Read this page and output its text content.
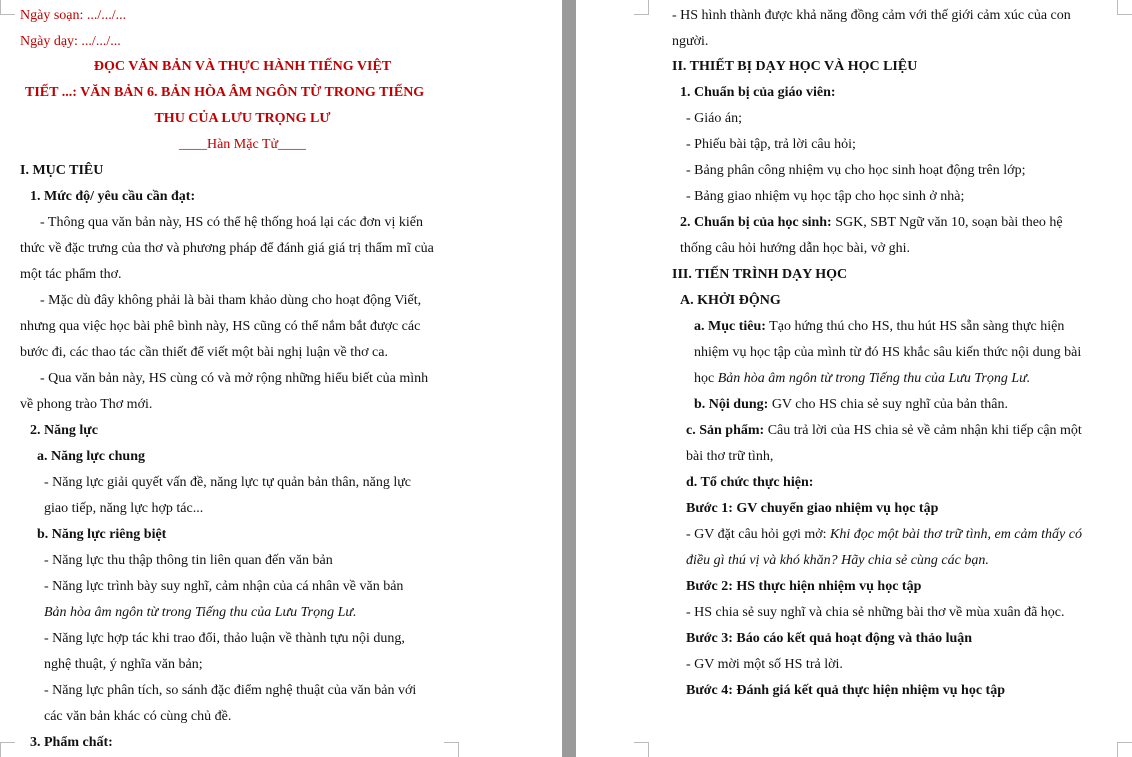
Ngày soạn: .../.../...
Ngày dạy: .../.../...
ĐỌC VĂN BẢN VÀ THỰC HÀNH TIẾNG VIỆT
TIẾT ...: VĂN BẢN 6. BẢN HÒA ÂM NGÔN TỪ TRONG TIẾNG
THU CỦA LƯU TRỌNG LƯ
____Hàn Mặc Tử____
I. MỤC TIÊU
1. Mức độ/ yêu cầu cần đạt:
- Thông qua văn bản này, HS có thể hệ thống hoá lại các đơn vị kiến
thức về đặc trưng của thơ và phương pháp để đánh giá giá trị thẩm mĩ của
một tác phẩm thơ.
- Mặc dù đây không phải là bài tham khảo dùng cho hoạt động Viết,
nhưng qua việc học bài phê bình này, HS cũng có thể nắm bắt được các
bước đi, các thao tác cần thiết để viết một bài nghị luận về thơ ca.
- Qua văn bản này, HS cùng có và mở rộng những hiểu biết của mình
về phong trào Thơ mới.
2. Năng lực
a. Năng lực chung
- Năng lực giải quyết vấn đề, năng lực tự quản bản thân, năng lực
giao tiếp, năng lực hợp tác...
b. Năng lực riêng biệt
- Năng lực thu thập thông tin liên quan đến văn bản
- Năng lực trình bày suy nghĩ, cảm nhận của cá nhân về văn bản
Bản hòa âm ngôn từ trong Tiếng thu của Lưu Trọng Lư.
- Năng lực hợp tác khi trao đổi, thảo luận về thành tựu nội dung,
nghệ thuật, ý nghĩa văn bản;
- Năng lực phân tích, so sánh đặc điểm nghệ thuật của văn bản với
các văn bản khác có cùng chủ đề.
3. Phẩm chất:
- HS hình thành được khả năng đồng cảm với thế giới cảm xúc của con
người.
II. THIẾT BỊ DẠY HỌC VÀ HỌC LIỆU
1. Chuẩn bị của giáo viên:
- Giáo án;
- Phiếu bài tập, trả lời câu hỏi;
- Bảng phân công nhiệm vụ cho học sinh hoạt động trên lớp;
- Bảng giao nhiệm vụ học tập cho học sinh ở nhà;
2. Chuẩn bị của học sinh: SGK, SBT Ngữ văn 10, soạn bài theo hệ
thống câu hỏi hướng dẫn học bài, vở ghi.
III. TIẾN TRÌNH DẠY HỌC
A. KHỞI ĐỘNG
a. Mục tiêu: Tạo hứng thú cho HS, thu hút HS sẵn sàng thực hiện
nhiệm vụ học tập của mình từ đó HS khắc sâu kiến thức nội dung bài
học Bản hòa âm ngôn từ trong Tiếng thu của Lưu Trọng Lư.
b. Nội dung: GV cho HS chia sẻ suy nghĩ của bản thân.
c. Sản phẩm: Câu trả lời của HS chia sẻ về cảm nhận khi tiếp cận một
bài thơ trữ tình,
d. Tổ chức thực hiện:
Bước 1: GV chuyển giao nhiệm vụ học tập
- GV đặt câu hỏi gợi mở: Khi đọc một bài thơ trữ tình, em cảm thấy có
điều gì thú vị và khó khăn? Hãy chia sẻ cùng các bạn.
Bước 2: HS thực hiện nhiệm vụ học tập
- HS chia sẻ suy nghĩ và chia sẻ những bài thơ về mùa xuân đã học.
Bước 3: Báo cáo kết quả hoạt động và thảo luận
- GV mời một số HS trả lời.
Bước 4: Đánh giá kết quả thực hiện nhiệm vụ học tập
